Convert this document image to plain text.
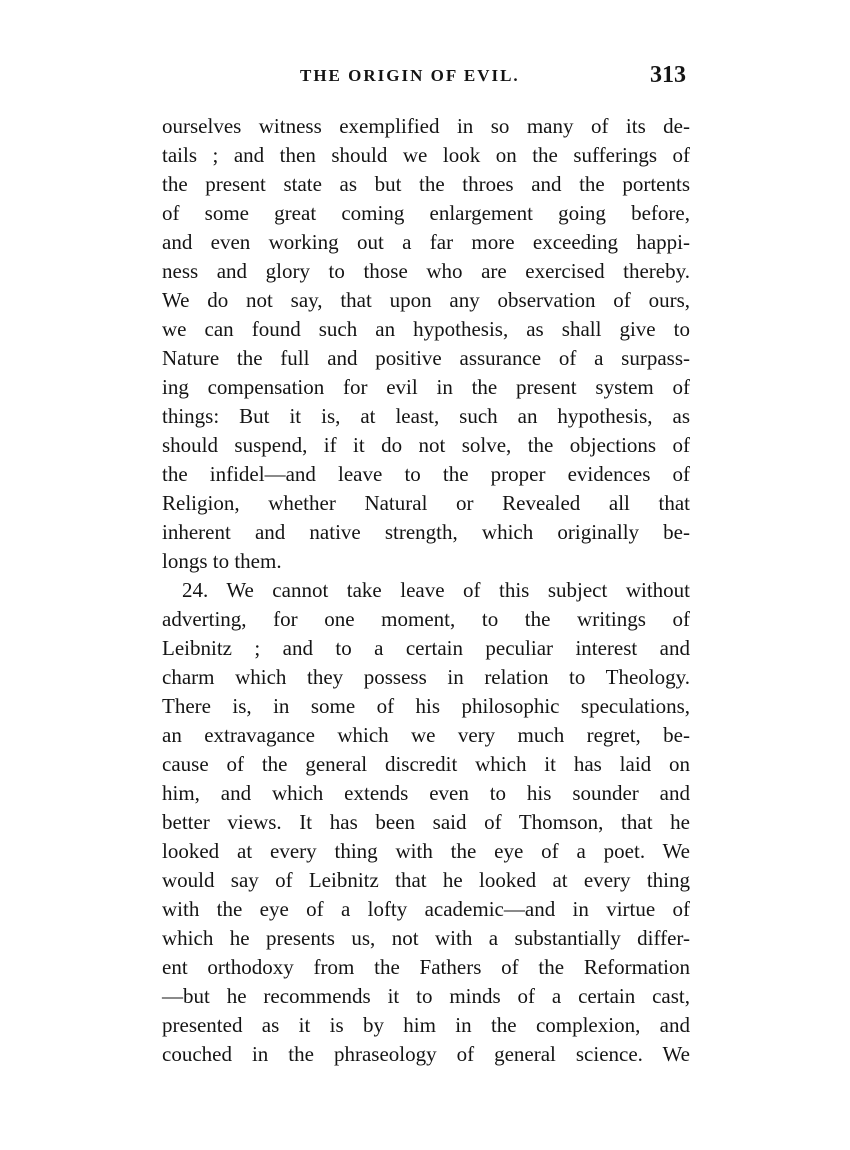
THE ORIGIN OF EVIL.	313
ourselves witness exemplified in so many of its de-
tails ; and then should we look on the sufferings of
the present state as but the throes and the portents
of some great coming enlargement going before,
and even working out a far more exceeding happi-
ness and glory to those who are exercised thereby.
We do not say, that upon any observation of ours,
we can found such an hypothesis, as shall give to
Nature the full and positive assurance of a surpass-
ing compensation for evil in the present system of
things: But it is, at least, such an hypothesis, as
should suspend, if it do not solve, the objections of
the infidel—and leave to the proper evidences of
Religion, whether Natural or Revealed all that
inherent and native strength, which originally be-
longs to them.
24. We cannot take leave of this subject without
adverting, for one moment, to the writings of
Leibnitz ; and to a certain peculiar interest and
charm which they possess in relation to Theology.
There is, in some of his philosophic speculations,
an extravagance which we very much regret, be-
cause of the general discredit which it has laid on
him, and which extends even to his sounder and
better views. It has been said of Thomson, that he
looked at every thing with the eye of a poet. We
would say of Leibnitz that he looked at every thing
with the eye of a lofty academic—and in virtue of
which he presents us, not with a substantially differ-
ent orthodoxy from the Fathers of the Reformation
—but he recommends it to minds of a certain cast,
presented as it is by him in the complexion, and
couched in the phraseology of general science. We
